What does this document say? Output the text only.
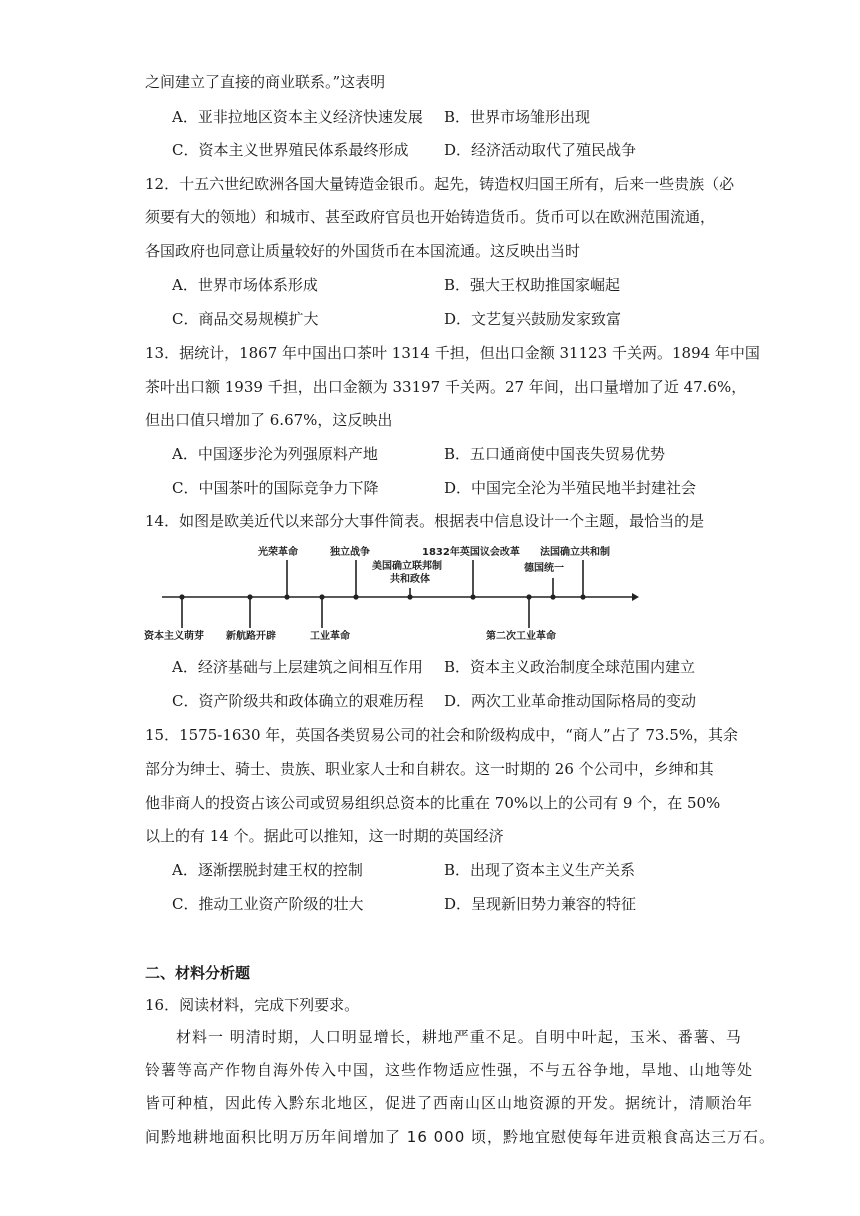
之间建立了直接的商业联系。”这表明
A．亚非拉地区资本主义经济快速发展 B．世界市场雏形出现
C．资本主义世界殖民体系最终形成 D．经济活动取代了殖民战争
12．十五六世纪欧洲各国大量铸造金银币。起先，铸造权归国王所有，后来一些贵族（必
须要有大的领地）和城市、甚至政府官员也开始铸造货币。货币可以在欧洲范围流通，
各国政府也同意让质量较好的外国货币在本国流通。这反映出当时
A．世界市场体系形成	B．强大王权助推国家崛起
C．商品交易规模扩大	D．文艺复兴鼓励发家致富
13．据统计，1867 年中国出口茶叶 1314 千担，但出口金额 31123 千关两。1894 年中国
茶叶出口额 1939 千担，出口金额为 33197 千关两。27 年间，出口量增加了近 47.6%，
但出口值只增加了 6.67%，这反映出
A．中国逐步沦为列强原料产地	B．五口通商使中国丧失贸易优势
C．中国茶叶的国际竞争力下降	D．中国完全沦为半殖民地半封建社会
14．如图是欧美近代以来部分大事件简表。根据表中信息设计一个主题，最恰当的是
光荣革命	独立战争
美国确立联邦制
共和政体
1832年英国议会改革 法国确立共和制
德国统一
资本主义萌芽 新航路开辟	工业革命	第二次工业革命
A．经济基础与上层建筑之间相互作用 B．资本主义政治制度全球范围内建立
C．资产阶级共和政体确立的艰难历程 D．两次工业革命推动国际格局的变动
15．1575-1630 年，英国各类贸易公司的社会和阶级构成中，“商人”占了 73.5%，其余
部分为绅士、骑士、贵族、职业家人士和自耕农。这一时期的 26 个公司中，乡绅和其
他非商人的投资占该公司或贸易组织总资本的比重在 70%以上的公司有 9 个，在 50%
以上的有 14 个。据此可以推知，这一时期的英国经济
A．逐渐摆脱封建王权的控制	B．出现了资本主义生产关系
C．推动工业资产阶级的壮大	D．呈现新旧势力兼容的特征
二、材料分析题
16．阅读材料，完成下列要求。
材料一 明清时期，人口明显增长，耕地严重不足。自明中叶起，玉米、番薯、马
铃薯等高产作物自海外传入中国，这些作物适应性强，不与五谷争地，旱地、山地等处
皆可种植，因此传入黔东北地区，促进了西南山区山地资源的开发。据统计，清顺治年
间黔地耕地面积比明万历年间增加了 16 000 顷，黔地宜慰使每年进贡粮食高达三万石。
